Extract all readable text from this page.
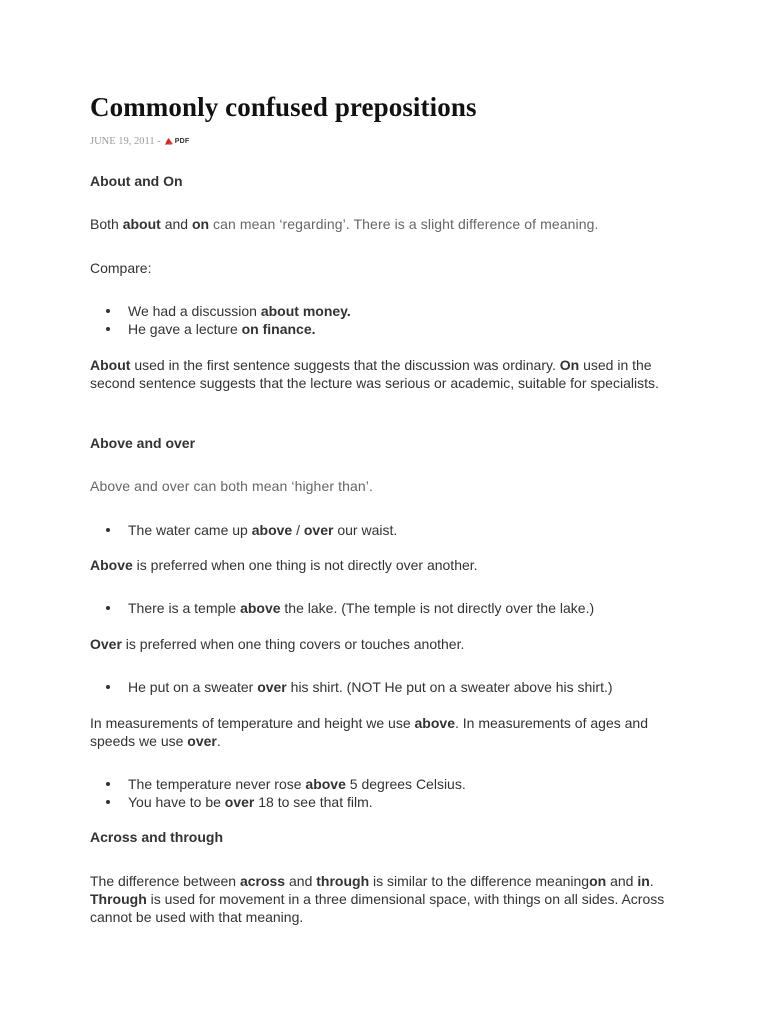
Commonly confused prepositions
JUNE 19, 2011 - PDF
About and On
Both about and on can mean ‘regarding’. There is a slight difference of meaning.
Compare:
We had a discussion about money.
He gave a lecture on finance.
About used in the first sentence suggests that the discussion was ordinary. On used in the second sentence suggests that the lecture was serious or academic, suitable for specialists.
Above and over
Above and over can both mean ‘higher than’.
The water came up above / over our waist.
Above is preferred when one thing is not directly over another.
There is a temple above the lake. (The temple is not directly over the lake.)
Over is preferred when one thing covers or touches another.
He put on a sweater over his shirt. (NOT He put on a sweater above his shirt.)
In measurements of temperature and height we use above. In measurements of ages and speeds we use over.
The temperature never rose above 5 degrees Celsius.
You have to be over 18 to see that film.
Across and through
The difference between across and through is similar to the difference meaningon and in. Through is used for movement in a three dimensional space, with things on all sides. Across cannot be used with that meaning.
